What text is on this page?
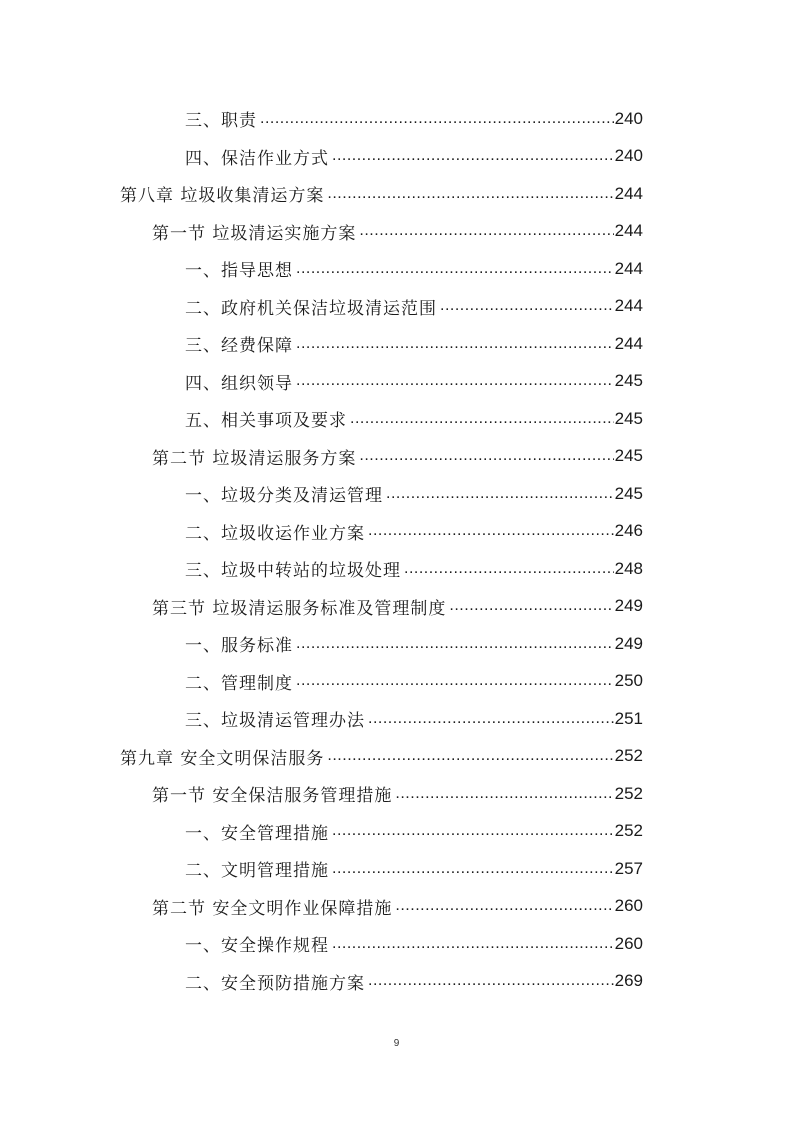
三、职责 .....	240
四、保洁作业方式 .....	240
第八章 垃圾收集清运方案 .....	244
第一节 垃圾清运实施方案 .....	244
一、指导思想 .....	244
二、政府机关保洁垃圾清运范围 .....	244
三、经费保障 .....	244
四、组织领导 .....	245
五、相关事项及要求 .....	245
第二节 垃圾清运服务方案 .....	245
一、垃圾分类及清运管理 .....	245
二、垃圾收运作业方案 .....	246
三、垃圾中转站的垃圾处理 .....	248
第三节 垃圾清运服务标准及管理制度 .....	249
一、服务标准 .....	249
二、管理制度 .....	250
三、垃圾清运管理办法 .....	251
第九章 安全文明保洁服务 .....	252
第一节 安全保洁服务管理措施 .....	252
一、安全管理措施 .....	252
二、文明管理措施 .....	257
第二节 安全文明作业保障措施 .....	260
一、安全操作规程 .....	260
二、安全预防措施方案 .....	269
9
